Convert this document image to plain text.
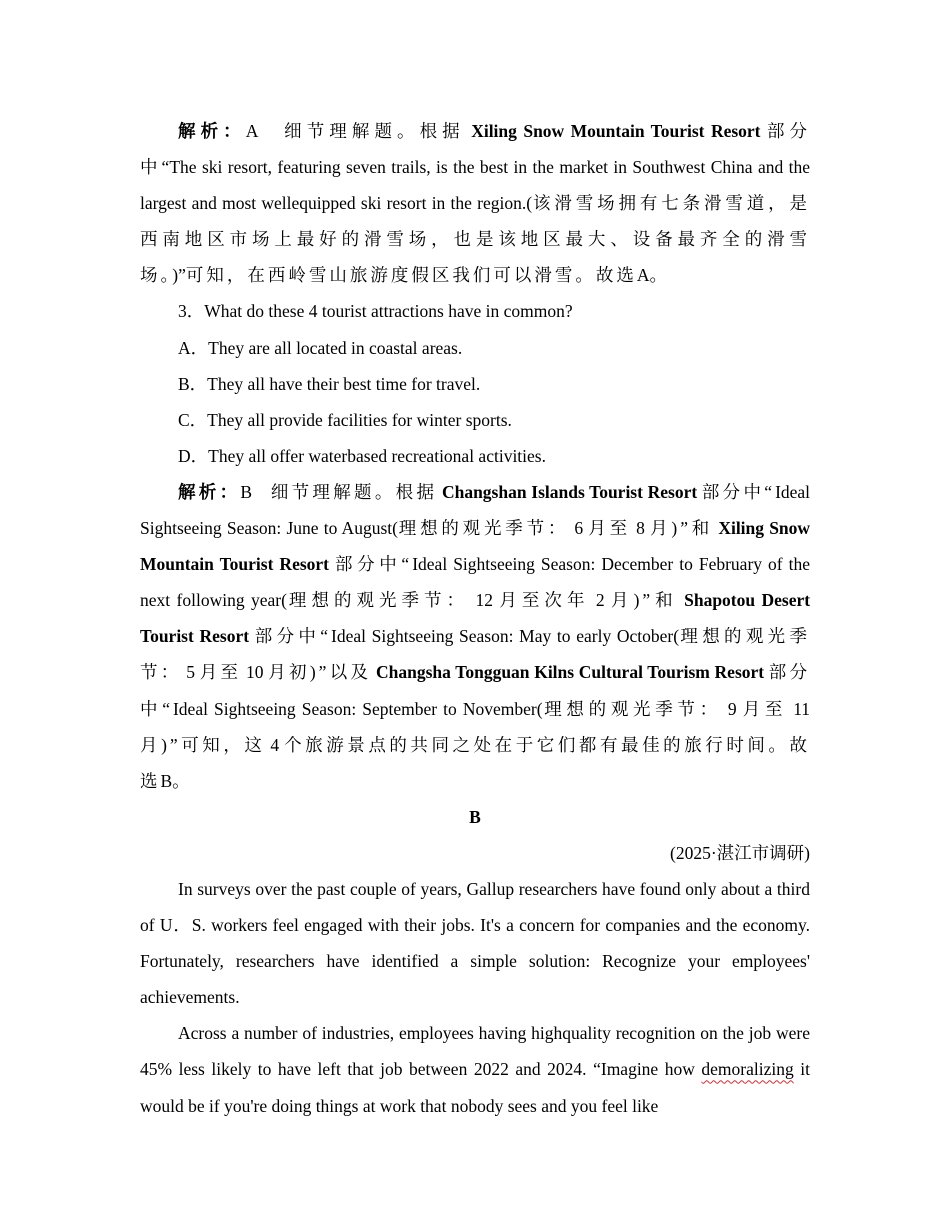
解析：A 细节理解题。根据 Xiling Snow Mountain Tourist Resort 部分中“The ski resort, featuring seven trails, is the best in the market in Southwest China and the largest and most wellequipped ski resort in the region.(该滑雪场拥有七条滑雪道，是西南地区市场上最好的滑雪场，也是该地区最大、设备最齐全的滑雪场。)”可知，在西岭雪山旅游度假区我们可以滑雪。故选A。

3．What do these 4 tourist attractions have in common?

A．They are all located in coastal areas.

B．They all have their best time for travel.

C．They all provide facilities for winter sports.

D．They all offer waterbased recreational activities.

解析：B 细节理解题。根据 Changshan Islands Tourist Resort 部分中“Ideal Sightseeing Season: June to August(理想的观光季节： 6 月至 8 月)”和 Xiling Snow Mountain Tourist Resort 部分中“Ideal Sightseeing Season: December to February of the next following year(理想的观光季节： 12 月至次年 2 月)”和 Shapotou Desert Tourist Resort 部分中“Ideal Sightseeing Season: May to early October(理想的观光季节： 5 月至 10 月初)”以及 Changsha Tongguan Kilns Cultural Tourism Resort 部分中“Ideal Sightseeing Season: September to November(理想的观光季节： 9 月至 11 月)”可知，这 4 个旅游景点的共同之处在于它们都有最佳的旅行时间。故选B。

B

(2025·湛江市调研)

In surveys over the past couple of years, Gallup researchers have found only about a third of U．S. workers feel engaged with their jobs. It's a concern for companies and the economy. Fortunately, researchers have identified a simple solution: Recognize your employees' achievements.

Across a number of industries, employees having highquality recognition on the job were 45% less likely to have left that job between 2022 and 2024. “Imagine how demoralizing it would be if you're doing things at work that nobody sees and you feel like
